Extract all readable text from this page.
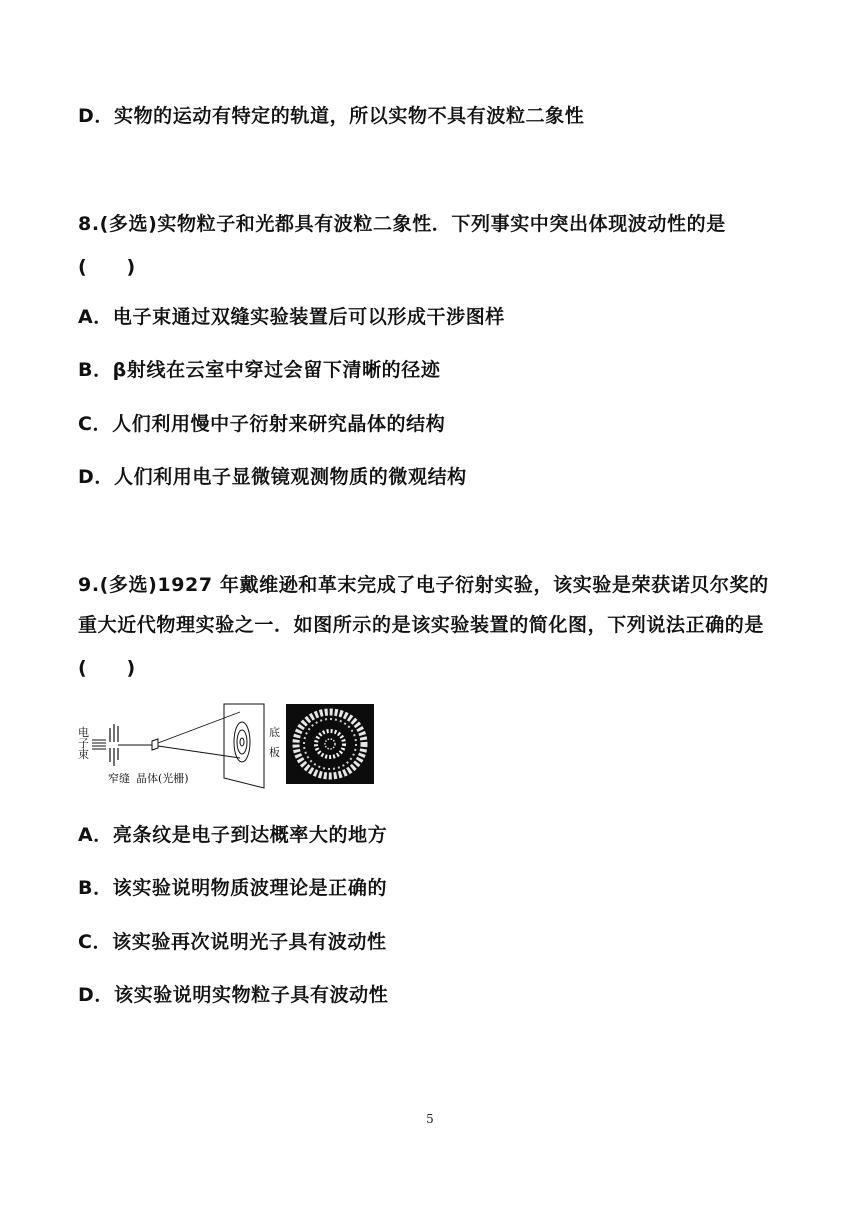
D．实物的运动有特定的轨道，所以实物不具有波粒二象性
8.(多选)实物粒子和光都具有波粒二象性．下列事实中突出体现波动性的是
(　　)
A．电子束通过双缝实验装置后可以形成干涉图样
B．β射线在云室中穿过会留下清晰的径迹
C．人们利用慢中子衍射来研究晶体的结构
D．人们利用电子显微镜观测物质的微观结构
9.(多选)1927 年戴维逊和革末完成了电子衍射实验，该实验是荣获诺贝尔奖的
重大近代物理实验之一．如图所示的是该实验装置的简化图，下列说法正确的是
(　　)
电
子
束
底
板
窄缝 晶体(光栅)
A．亮条纹是电子到达概率大的地方
B．该实验说明物质波理论是正确的
C．该实验再次说明光子具有波动性
D．该实验说明实物粒子具有波动性
5
